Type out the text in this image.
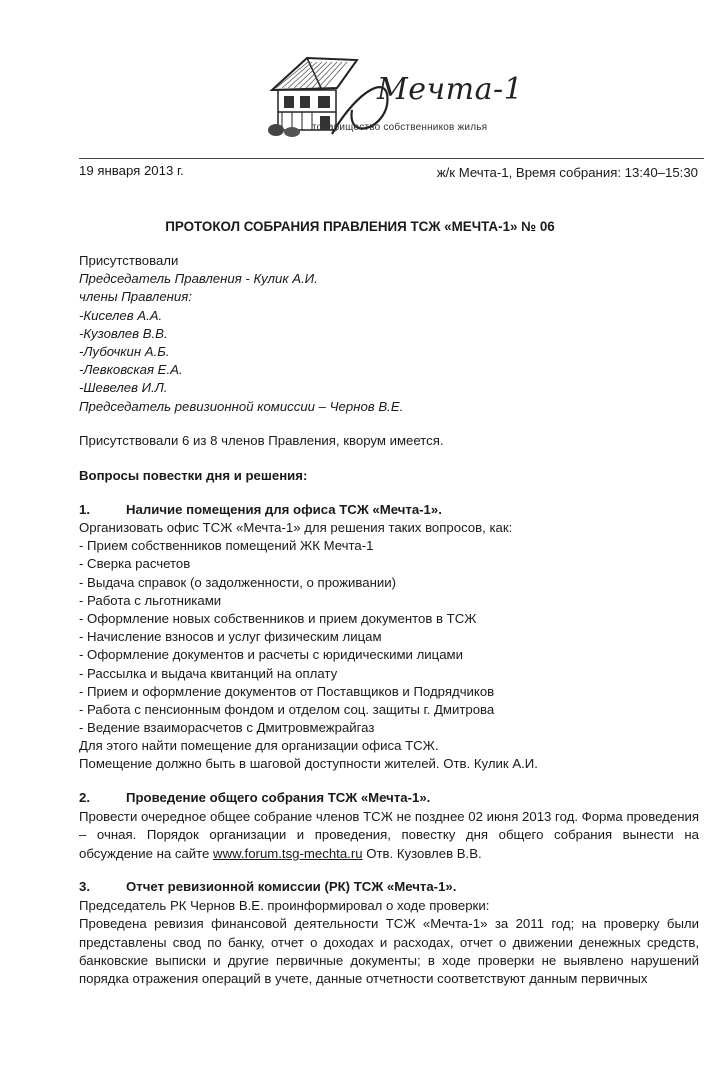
Мечта-1
товарищество собственников жилья
19 января 2013 г.	ж/к Мечта-1, Время собрания: 13:40–15:30
ПРОТОКОЛ СОБРАНИЯ ПРАВЛЕНИЯ ТСЖ «МЕЧТА-1» № 06
Присутствовали
Председатель Правления - Кулик А.И.
члены Правления:
-Киселев А.А.
-Кузовлев В.В.
-Лубочкин А.Б.
-Левковская Е.А.
-Шевелев И.Л.
Председатель ревизионной комиссии – Чернов В.Е.
Присутствовали 6 из 8 членов Правления, кворум имеется.
Вопросы повестки дня и решения:
1.	Наличие помещения для офиса ТСЖ «Мечта-1».
Организовать офис ТСЖ «Мечта-1» для решения таких вопросов, как:
- Прием собственников помещений ЖК Мечта-1
- Сверка расчетов
- Выдача справок (о задолженности, о проживании)
- Работа с льготниками
- Оформление новых собственников и прием документов в ТСЖ
- Начисление взносов и услуг физическим лицам
- Оформление документов и расчеты с юридическими лицами
- Рассылка и выдача квитанций на оплату
- Прием и оформление документов от Поставщиков и Подрядчиков
- Работа с пенсионным фондом и отделом соц. защиты г. Дмитрова
- Ведение взаиморасчетов с Дмитровмежрайгаз
Для этого найти помещение для организации офиса ТСЖ.
Помещение должно быть в шаговой доступности жителей. Отв. Кулик А.И.
2.	Проведение общего собрания ТСЖ «Мечта-1».
Провести очередное общее собрание членов ТСЖ не позднее 02 июня 2013 год. Форма проведения – очная. Порядок организации и проведения, повестку дня общего собрания вынести на обсуждение на сайте www.forum.tsg-mechta.ru Отв. Кузовлев В.В.
3.	Отчет ревизионной комиссии (РК) ТСЖ «Мечта-1».
Председатель РК Чернов В.Е. проинформировал о ходе проверки:
Проведена ревизия финансовой деятельности ТСЖ «Мечта-1» за 2011 год; на проверку были представлены свод по банку, отчет о доходах и расходах, отчет о движении денежных средств, банковские выписки и другие первичные документы; в ходе проверки не выявлено нарушений порядка отражения операций в учете, данные отчетности соответствуют данным первичных
